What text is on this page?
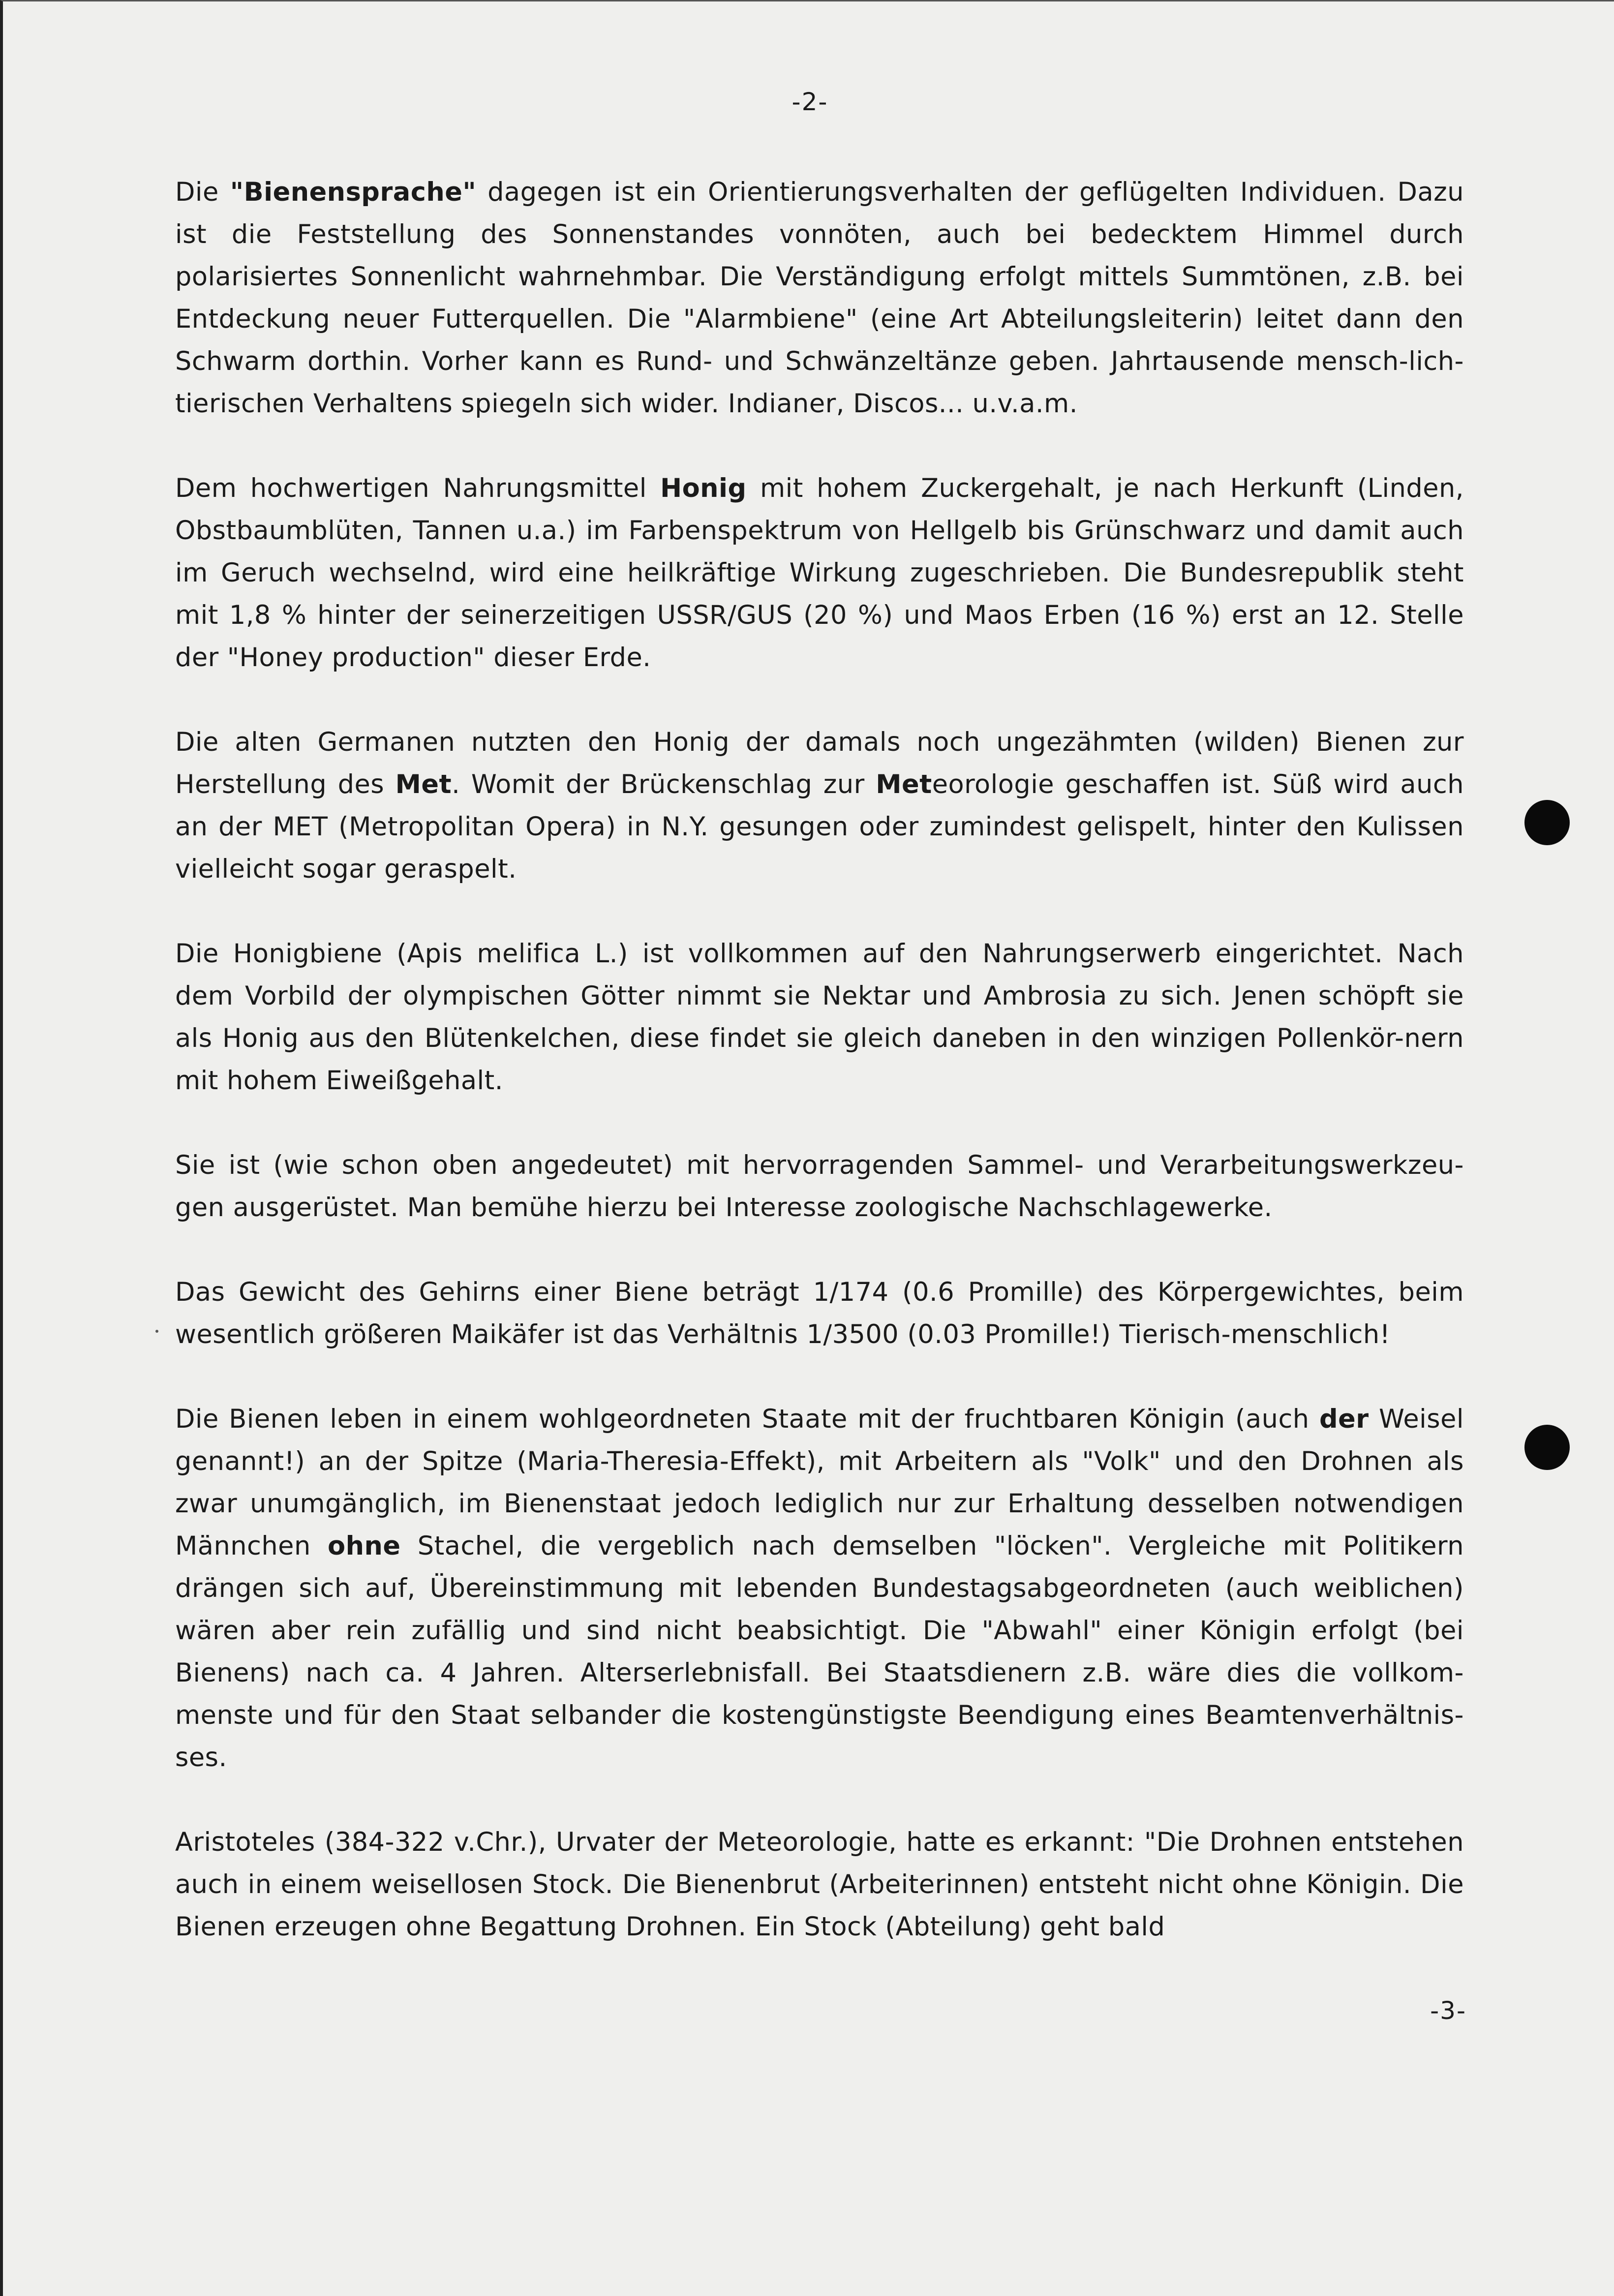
-2-

Die "Bienensprache" dagegen ist ein Orientierungsverhalten der geflügelten Individuen. Dazu ist die Feststellung des Sonnenstandes vonnöten, auch bei bedecktem Himmel durch polarisiertes Sonnenlicht wahrnehmbar. Die Verständigung erfolgt mittels Summtönen, z.B. bei Entdeckung neuer Futterquellen. Die "Alarmbiene" (eine Art Abteilungsleiterin) leitet dann den Schwarm dorthin. Vorher kann es Rund- und Schwänzeltänze geben. Jahrtausende mensch-lich-tierischen Verhaltens spiegeln sich wider. Indianer, Discos... u.v.a.m.

Dem hochwertigen Nahrungsmittel Honig mit hohem Zuckergehalt, je nach Herkunft (Linden, Obstbaumblüten, Tannen u.a.) im Farbenspektrum von Hellgelb bis Grünschwarz und damit auch im Geruch wechselnd, wird eine heilkräftige Wirkung zugeschrieben. Die Bundesrepublik steht mit 1,8 % hinter der seinerzeitigen USSR/GUS (20 %) und Maos Erben (16 %) erst an 12. Stelle der "Honey production" dieser Erde.

Die alten Germanen nutzten den Honig der damals noch ungezähmten (wilden) Bienen zur Herstellung des Met. Womit der Brückenschlag zur Meteorologie geschaffen ist. Süß wird auch an der MET (Metropolitan Opera) in N.Y. gesungen oder zumindest gelispelt, hinter den Kulissen vielleicht sogar geraspelt.

Die Honigbiene (Apis melifica L.) ist vollkommen auf den Nahrungserwerb eingerichtet. Nach dem Vorbild der olympischen Götter nimmt sie Nektar und Ambrosia zu sich. Jenen schöpft sie als Honig aus den Blütenkelchen, diese findet sie gleich daneben in den winzigen Pollenkör-nern mit hohem Eiweißgehalt.

Sie ist (wie schon oben angedeutet) mit hervorragenden Sammel- und Verarbeitungswerkzeu-gen ausgerüstet. Man bemühe hierzu bei Interesse zoologische Nachschlagewerke.

Das Gewicht des Gehirns einer Biene beträgt 1/174 (0.6 Promille) des Körpergewichtes, beim wesentlich größeren Maikäfer ist das Verhältnis 1/3500 (0.03 Promille!) Tierisch-menschlich!

Die Bienen leben in einem wohlgeordneten Staate mit der fruchtbaren Königin (auch der Weisel genannt!) an der Spitze (Maria-Theresia-Effekt), mit Arbeitern als "Volk" und den Drohnen als zwar unumgänglich, im Bienenstaat jedoch lediglich nur zur Erhaltung desselben notwendigen Männchen ohne Stachel, die vergeblich nach demselben "löcken". Vergleiche mit Politikern drängen sich auf, Übereinstimmung mit lebenden Bundestagsabgeordneten (auch weiblichen) wären aber rein zufällig und sind nicht beabsichtigt. Die "Abwahl" einer Königin erfolgt (bei Bienens) nach ca. 4 Jahren. Alterserlebnisfall. Bei Staatsdienern z.B. wäre dies die vollkom-menste und für den Staat selbander die kostengünstigste Beendigung eines Beamtenverhältnis-ses.

Aristoteles (384-322 v.Chr.), Urvater der Meteorologie, hatte es erkannt: "Die Drohnen entstehen auch in einem weisellosen Stock. Die Bienenbrut (Arbeiterinnen) entsteht nicht ohne Königin. Die Bienen erzeugen ohne Begattung Drohnen. Ein Stock (Abteilung) geht bald

-3-
